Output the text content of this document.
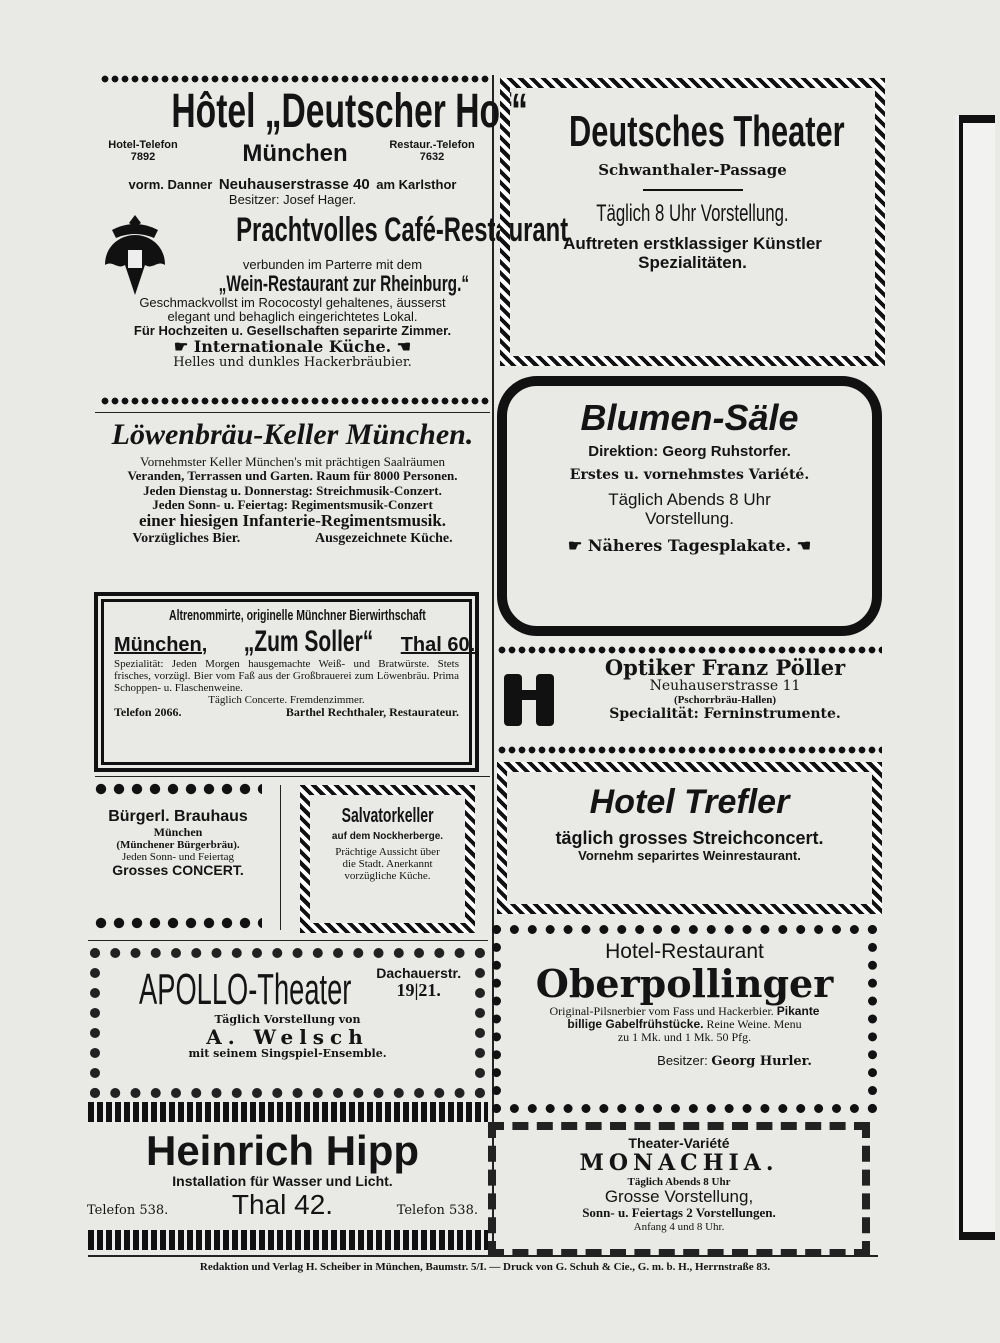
Hôtel „Deutscher Hof“
Hotel-Telefon
7892	München	Restaur.-Telefon
7632
vorm. Danner Neuhauserstrasse 40 am Karlsthor
Besitzer: Josef Hager.
Prachtvolles Café-Restaurant
verbunden im Parterre mit dem
„Wein-Restaurant zur Rheinburg.“
Geschmackvollst im Rococostyl gehaltenes, äusserst
elegant und behaglich eingerichtetes Lokal.
Für Hochzeiten u. Gesellschaften separirte Zimmer.
☛ Internationale Küche. ☚
Helles und dunkles Hackerbräubier.
Löwenbräu-Keller München.
Vornehmster Keller München's mit prächtigen Saalräumen
Veranden, Terrassen und Garten. Raum für 8000 Personen.
Jeden Dienstag u. Donnerstag: Streichmusik-Conzert.
Jeden Sonn- u. Feiertag: Regimentsmusik-Conzert
einer hiesigen Infanterie-Regimentsmusik.
Vorzügliches Bier.	Ausgezeichnete Küche.
Altrenommirte, originelle Münchner Bierwirthschaft
München, „Zum Soller“ Thal 60.
Spezialität: Jeden Morgen hausgemachte Weiß- und Bratwürste. Stets frisches, vorzügl. Bier vom Faß aus der Großbrauerei zum Löwenbräu. Prima Schoppen- u. Flaschenweine.
Täglich Concerte. Fremdenzimmer.
Telefon 2066.	Barthel Rechthaler, Restaurateur.
Bürgerl. Brauhaus
München
(Münchener Bürgerbräu).
Jeden Sonn- und Feiertag
Grosses CONCERT.
Salvatorkeller
auf dem Nockherberge.
Prächtige Aussicht über
die Stadt. Anerkannt
vorzügliche Küche.
APOLLO-Theater	Dachauerstr.
19|21.
Täglich Vorstellung von
A. Welsch
mit seinem Singspiel-Ensemble.
Heinrich Hipp
Installation für Wasser und Licht.
Telefon 538. Thal 42.	Telefon 538.
Deutsches Theater
Schwanthaler-Passage
Täglich 8 Uhr Vorstellung.
Auftreten erstklassiger Künstler
Spezialitäten.
Blumen-Säle
Direktion: Georg Ruhstorfer.
Erstes u. vornehmstes Variété.
Täglich Abends 8 Uhr
Vorstellung.
☛ Näheres Tagesplakate. ☚
Optiker Franz Pöller
Neuhauserstrasse 11
(Pschorrbräu-Hallen)
Specialität: Ferninstrumente.
Hotel Trefler
täglich grosses Streichconcert.
Vornehm separirtes Weinrestaurant.
Hotel-Restaurant
Oberpollinger
Original-Pilsnerbier vom Fass und Hackerbier. Pikante
billige Gabelfrühstücke. Reine Weine. Menu
zu 1 Mk. und 1 Mk. 50 Pfg.
Besitzer: Georg Hurler.
Theater-Variété
MONACHIA.
Täglich Abends 8 Uhr
Grosse Vorstellung,
Sonn- u. Feiertags 2 Vorstellungen.
Anfang 4 und 8 Uhr.
Redaktion und Verlag H. Scheiber in München, Baumstr. 5/I. — Druck von G. Schuh & Cie., G. m. b. H., Herrnstraße 83.
